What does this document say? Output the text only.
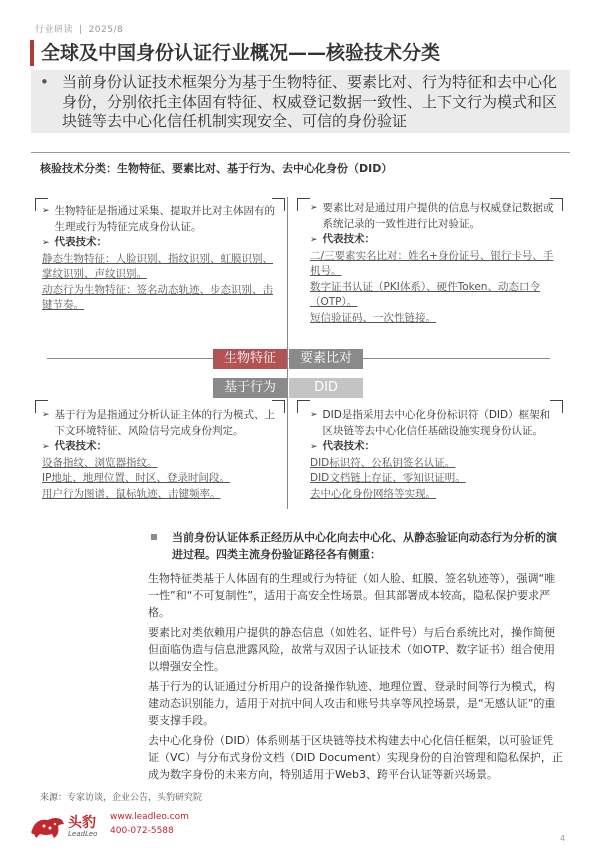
行业研读 | 2025/8
全球及中国身份认证行业概况——核验技术分类
• 当前身份认证技术框架分为基于生物特征、要素比对、行为特征和去中心化身份，分别依托主体固有特征、权威登记数据一致性、上下文行为模式和区块链等去中心化信任机制实现安全、可信的身份验证
核验技术分类：生物特征、要素比对、基于行为、去中心化身份（DID）
生物特征	要素比对
基于行为	DID
➢ 生物特征是指通过采集、提取并比对主体固有的生理或行为特征完成身份认证。
➢ 代表技术：
静态生物特征：人脸识别、指纹识别、虹膜识别、掌纹识别、声纹识别。
动态行为生物特征：签名动态轨迹、步态识别、击键节奏。
➢ 要素比对是通过用户提供的信息与权威登记数据或系统记录的一致性进行比对验证。
➢ 代表技术：
二/三要素实名比对：姓名+身份证号、银行卡号、手机号。
数字证书认证（PKI体系）、硬件Token、动态口令（OTP）。
短信验证码、一次性链接。
➢ 基于行为是指通过分析认证主体的行为模式、上下文环境特征、风险信号完成身份判定。
➢ 代表技术：
设备指纹、浏览器指纹。
IP地址、地理位置、时区、登录时间段。
用户行为图谱、鼠标轨迹、击键频率。
➢ DID是指采用去中心化身份标识符（DID）框架和区块链等去中心化信任基础设施实现身份认证。
➢ 代表技术：
DID标识符、公私钥签名认证。
DID文档链上存证、零知识证明。
去中心化身份网络等实现。
当前身份认证体系正经历从中心化向去中心化、从静态验证向动态行为分析的演进过程。四类主流身份验证路径各有侧重：
生物特征类基于人体固有的生理或行为特征（如人脸、虹膜、签名轨迹等），强调“唯一性”和“不可复制性”，适用于高安全性场景。但其部署成本较高，隐私保护要求严格。
要素比对类依赖用户提供的静态信息（如姓名、证件号）与后台系统比对，操作简便但面临伪造与信息泄露风险，故常与双因子认证技术（如OTP、数字证书）组合使用以增强安全性。
基于行为的认证通过分析用户的设备操作轨迹、地理位置、登录时间等行为模式，构建动态识别能力，适用于对抗中间人攻击和账号共享等风控场景，是“无感认证”的重要支撑手段。
去中心化身份（DID）体系则基于区块链等技术构建去中心化信任框架，以可验证凭证（VC）与分布式身份文档（DID Document）实现身份的自治管理和隐私保护，正成为数字身份的未来方向，特别适用于Web3、跨平台认证等新兴场景。
来源：专家访谈，企业公告，头豹研究院
头豹
LeadLeo
www.leadleo.com
400-072-5588
4
